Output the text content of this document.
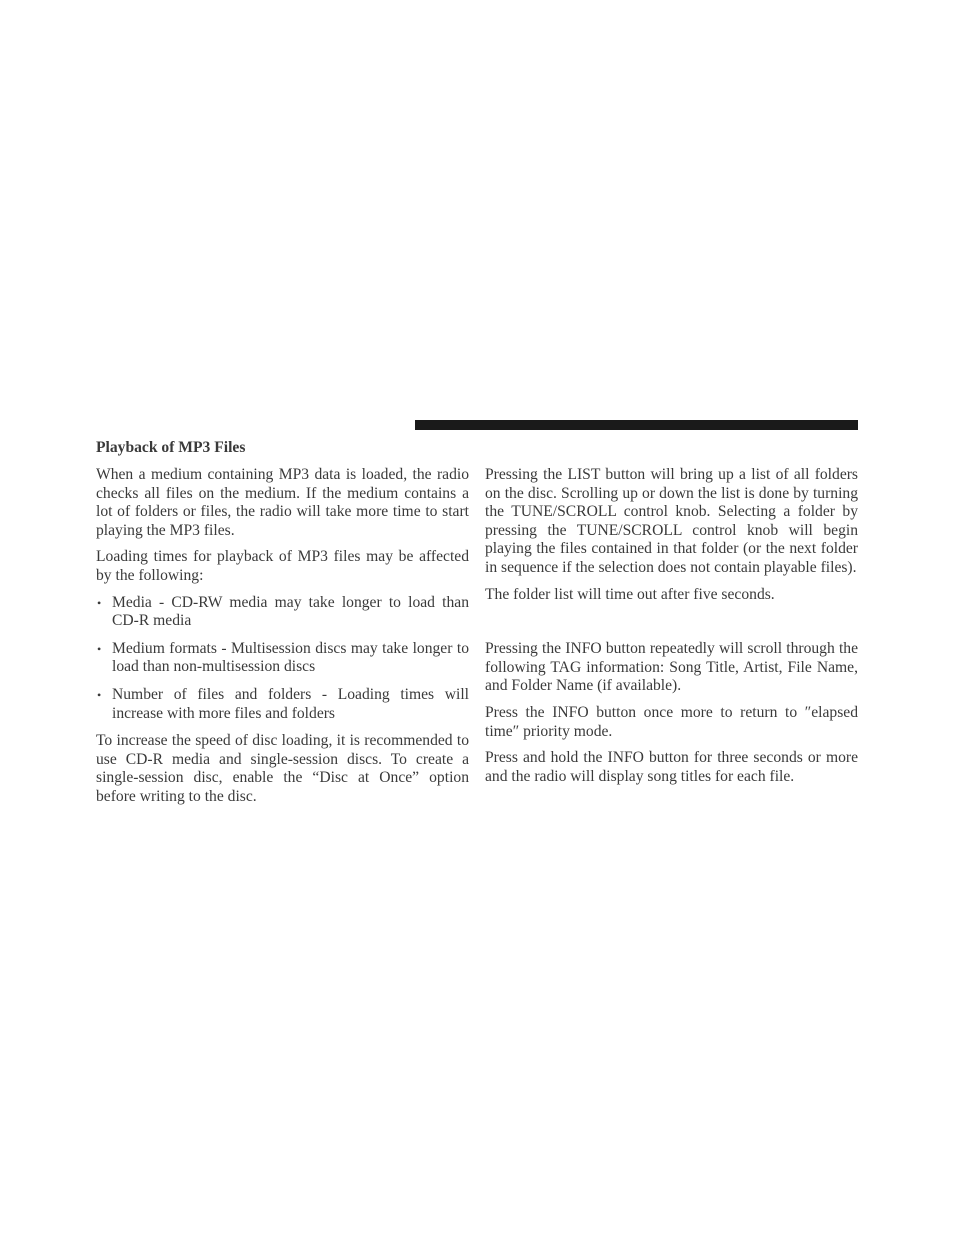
Playback of MP3 Files

When a medium containing MP3 data is loaded, the radio checks all files on the medium. If the medium contains a lot of folders or files, the radio will take more time to start playing the MP3 files.

Loading times for playback of MP3 files may be affected by the following:

• Media - CD-RW media may take longer to load than CD-R media
• Medium formats - Multisession discs may take longer to load than non-multisession discs
• Number of files and folders - Loading times will increase with more files and folders

To increase the speed of disc loading, it is recommended to use CD-R media and single-session discs. To create a single-session disc, enable the “Disc at Once” option before writing to the disc.

Pressing the LIST button will bring up a list of all folders on the disc. Scrolling up or down the list is done by turning the TUNE/SCROLL control knob. Selecting a folder by pressing the TUNE/SCROLL control knob will begin playing the files contained in that folder (or the next folder in sequence if the selection does not contain playable files).

The folder list will time out after five seconds.

Pressing the INFO button repeatedly will scroll through the following TAG information: Song Title, Artist, File Name, and Folder Name (if available).

Press the INFO button once more to return to ″elapsed time″ priority mode.

Press and hold the INFO button for three seconds or more and the radio will display song titles for each file.
